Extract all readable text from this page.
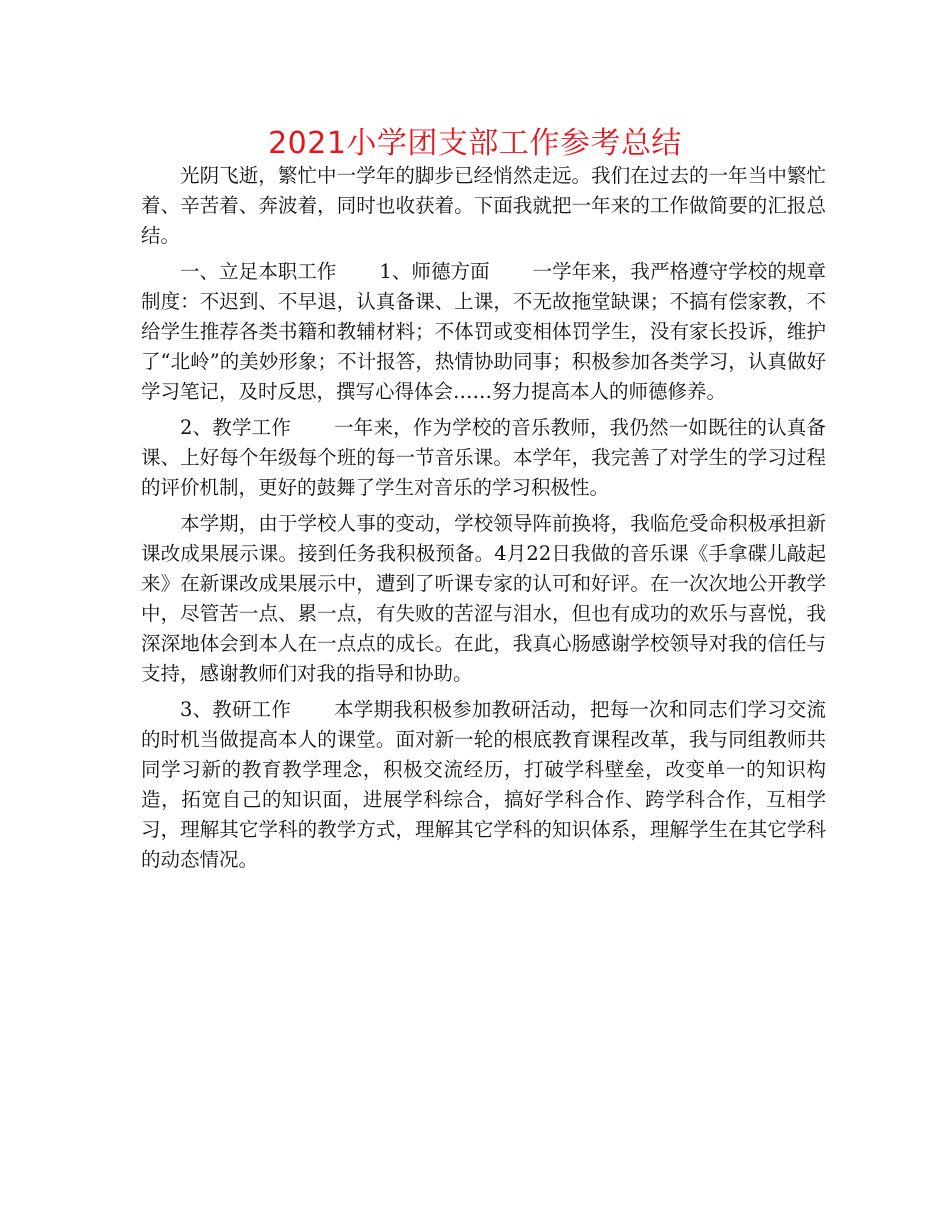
2021小学团支部工作参考总结

光阴飞逝，繁忙中一学年的脚步已经悄然走远。我们在过去的一年当中繁忙着、辛苦着、奔波着，同时也收获着。下面我就把一年来的工作做简要的汇报总结。

一、立足本职工作 1、师德方面 一学年来，我严格遵守学校的规章制度：不迟到、不早退，认真备课、上课，不无故拖堂缺课；不搞有偿家教，不给学生推荐各类书籍和教辅材料；不体罚或变相体罚学生，没有家长投诉，维护了“北岭”的美妙形象；不计报答，热情协助同事；积极参加各类学习，认真做好学习笔记，及时反思，撰写心得体会……努力提高本人的师德修养。

2、教学工作 一年来，作为学校的音乐教师，我仍然一如既往的认真备课、上好每个年级每个班的每一节音乐课。本学年，我完善了对学生的学习过程的评价机制，更好的鼓舞了学生对音乐的学习积极性。

本学期，由于学校人事的变动，学校领导阵前换将，我临危受命积极承担新课改成果展示课。接到任务我积极预备。4月22日我做的音乐课《手拿碟儿敲起来》在新课改成果展示中，遭到了听课专家的认可和好评。在一次次地公开教学中，尽管苦一点、累一点，有失败的苦涩与泪水，但也有成功的欢乐与喜悦，我深深地体会到本人在一点点的成长。在此，我真心肠感谢学校领导对我的信任与支持，感谢教师们对我的指导和协助。

3、教研工作 本学期我积极参加教研活动，把每一次和同志们学习交流的时机当做提高本人的课堂。面对新一轮的根底教育课程改革，我与同组教师共同学习新的教育教学理念，积极交流经历，打破学科壁垒，改变单一的知识构造，拓宽自己的知识面，进展学科综合，搞好学科合作、跨学科合作，互相学习，理解其它学科的教学方式，理解其它学科的知识体系，理解学生在其它学科的动态情况。
